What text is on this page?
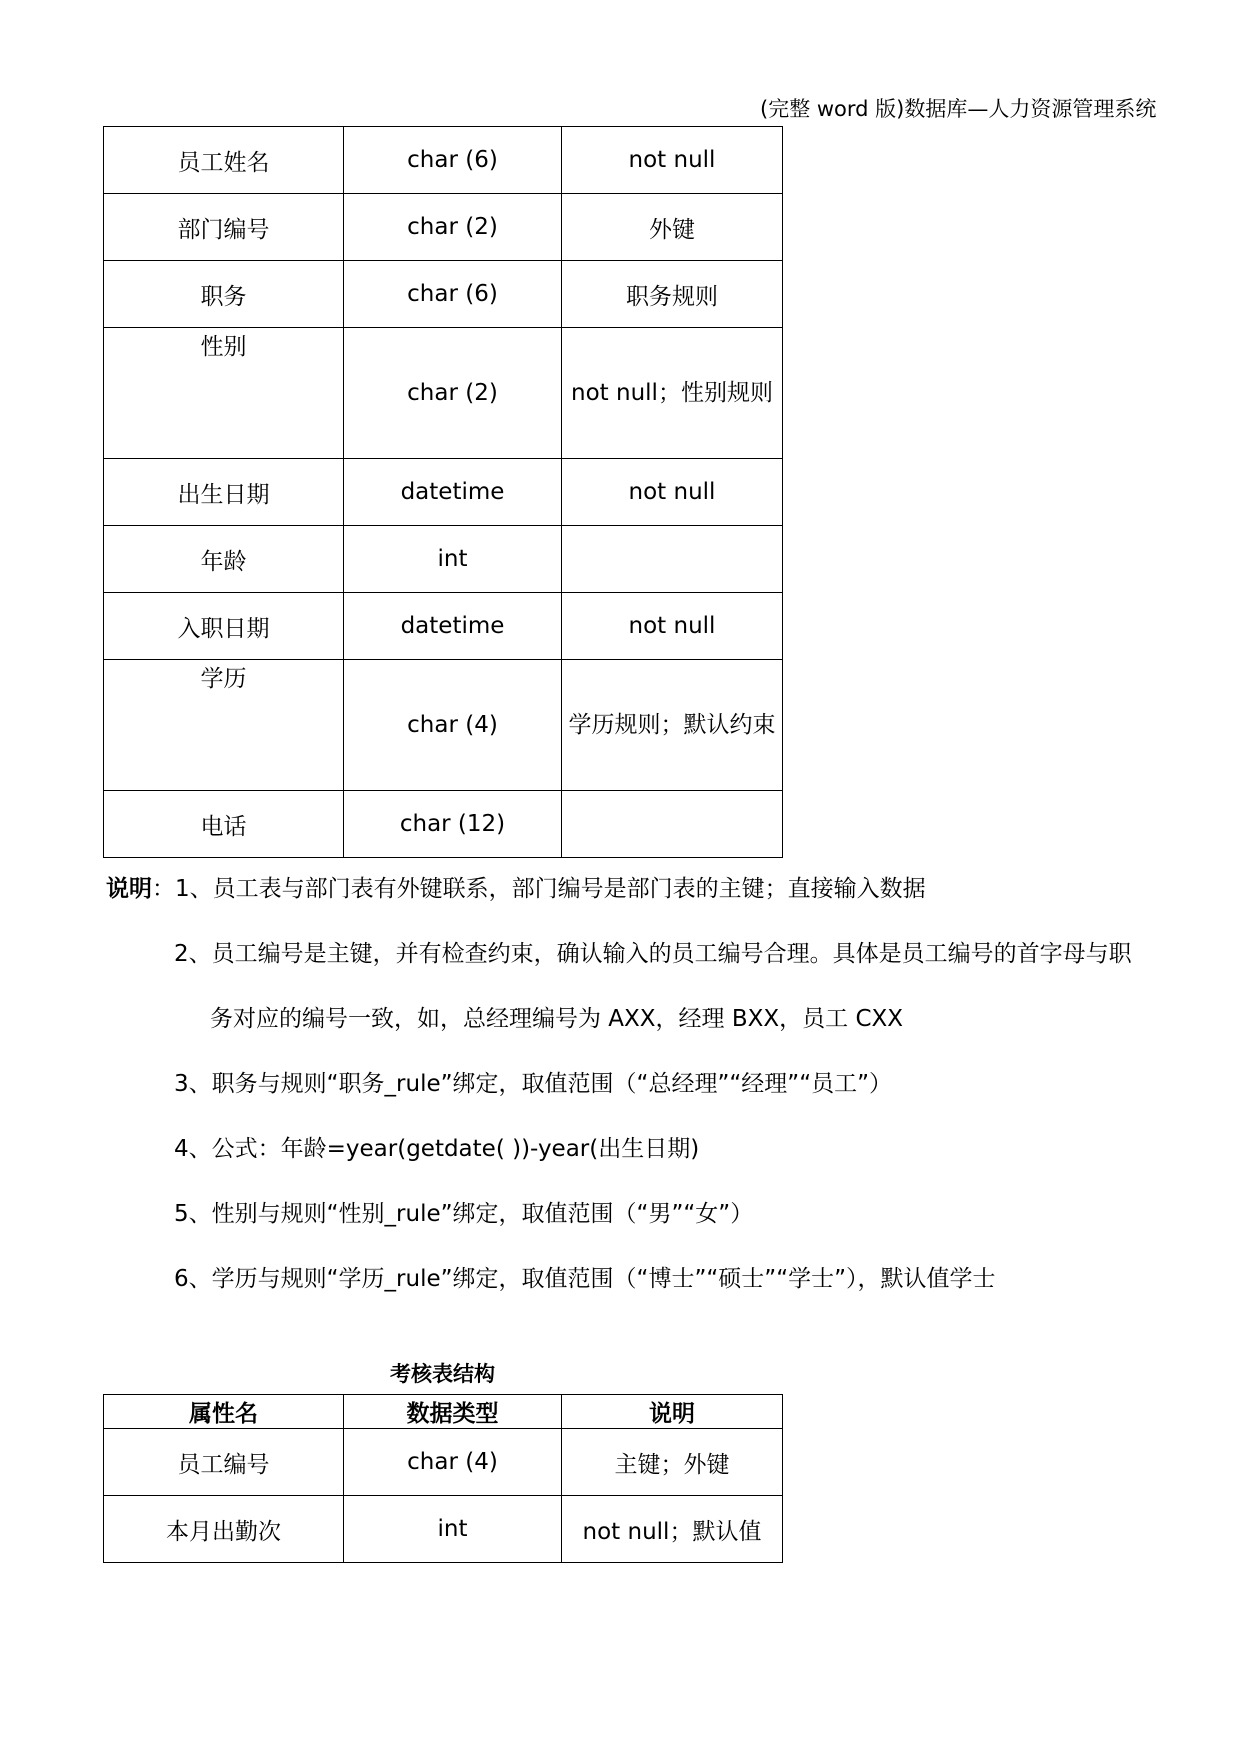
(完整 word 版)数据库—人力资源管理系统
员工姓名	char (6)	not null
部门编号	char (2)	外键
职务	char (6)	职务规则
性别	char (2)	not null；性别规则
出生日期	datetime	not null
年龄	int	
入职日期	datetime	not null
学历	char (4)	学历规则；默认约束
电话	char (12)	
说明：1、员工表与部门表有外键联系，部门编号是部门表的主键；直接输入数据
2、员工编号是主键，并有检查约束，确认输入的员工编号合理。具体是员工编号的首字母与职
务对应的编号一致，如，总经理编号为 AXX，经理 BXX，员工 CXX
3、职务与规则“职务_rule”绑定，取值范围（“总经理”“经理”“员工”）
4、公式：年龄=year(getdate( ))-year(出生日期)
5、性别与规则“性别_rule”绑定，取值范围（“男”“女”）
6、学历与规则“学历_rule”绑定，取值范围（“博士”“硕士”“学士”），默认值学士
考核表结构
属性名	数据类型	说明
员工编号	char (4)	主键；外键
本月出勤次	int	not null；默认值
